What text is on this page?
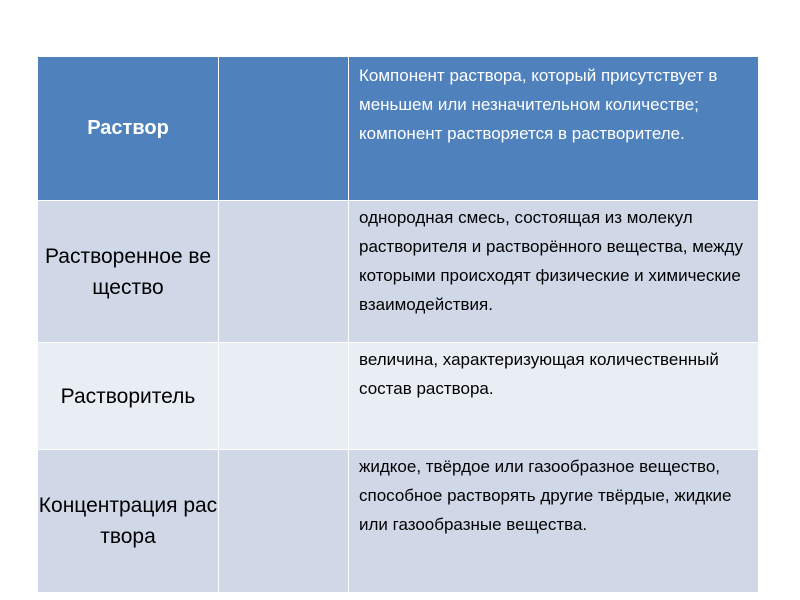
Раствор		Компонент раствора, который присутствует в меньшем или незначительном количестве; компонент растворяется в растворителе.
Растворенное вещество		однородная смесь, состоящая из молекул растворителя и растворённого вещества, между которыми происходят физические и химические взаимодействия.
Растворитель		величина, характеризующая количественный состав раствора.
Концентрация раствора		жидкое, твёрдое или газообразное вещество, способное растворять другие твёрдые, жидкие или газообразные вещества.
